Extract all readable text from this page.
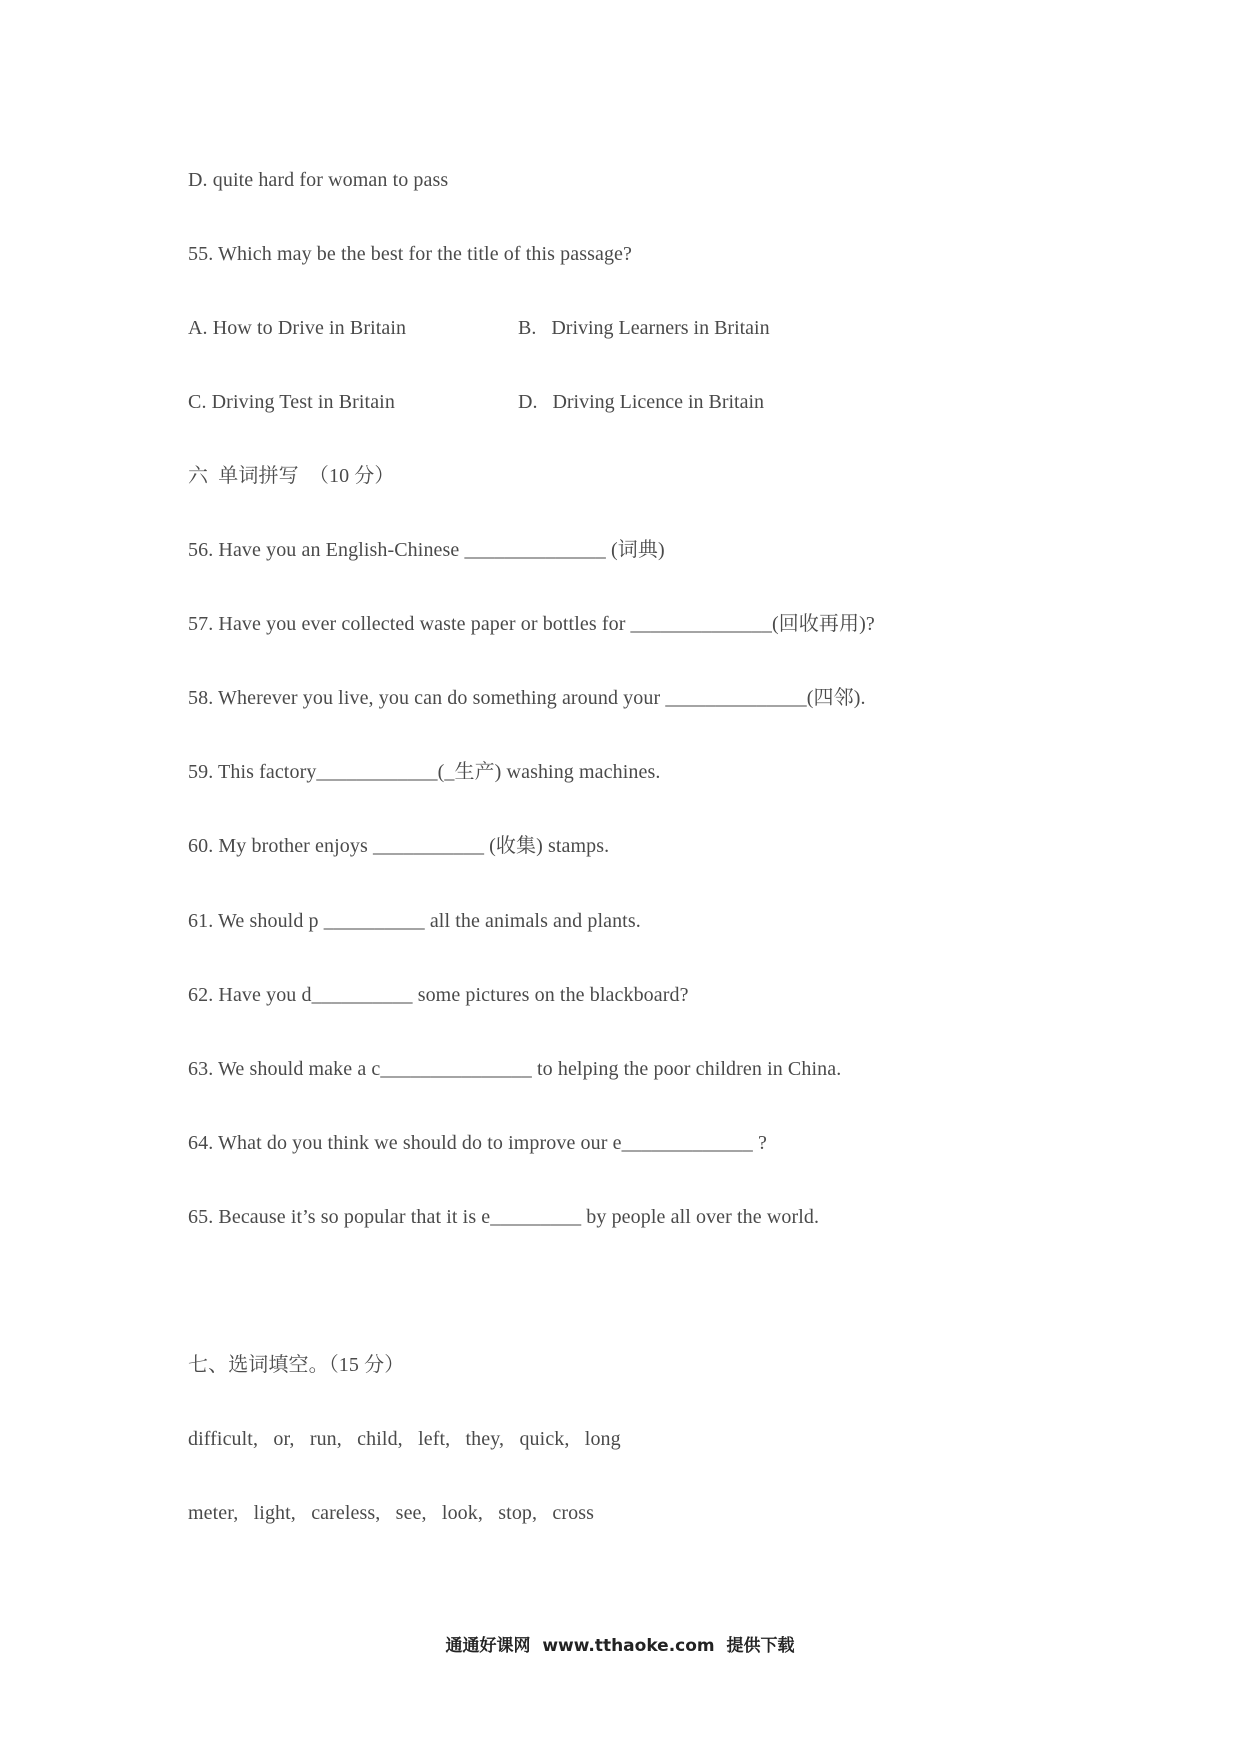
D. quite hard for woman to pass
55. Which may be the best for the title of this passage?
A. How to Drive in Britain	B.   Driving Learners in Britain
C. Driving Test in Britain	D.   Driving Licence in Britain
六  单词拼写  （10 分）
56. Have you an English-Chinese ______________ (词典)
57. Have you ever collected waste paper or bottles for ______________(回收再用)?
58. Wherever you live, you can do something around your ______________(四邻).
59. This factory____________(_生产) washing machines.
60. My brother enjoys ___________ (收集) stamps.
61. We should p __________ all the animals and plants.
62. Have you d__________ some pictures on the blackboard?
63. We should make a c_______________ to helping the poor children in China.
64. What do you think we should do to improve our e_____________ ?
65. Because it’s so popular that it is e_________ by people all over the world.
七、选词填空。（15 分）
difficult,   or,   run,   child,   left,   they,   quick,   long
meter,   light,   careless,   see,   look,   stop,   cross
通通好课网  www.tthaoke.com  提供下载
